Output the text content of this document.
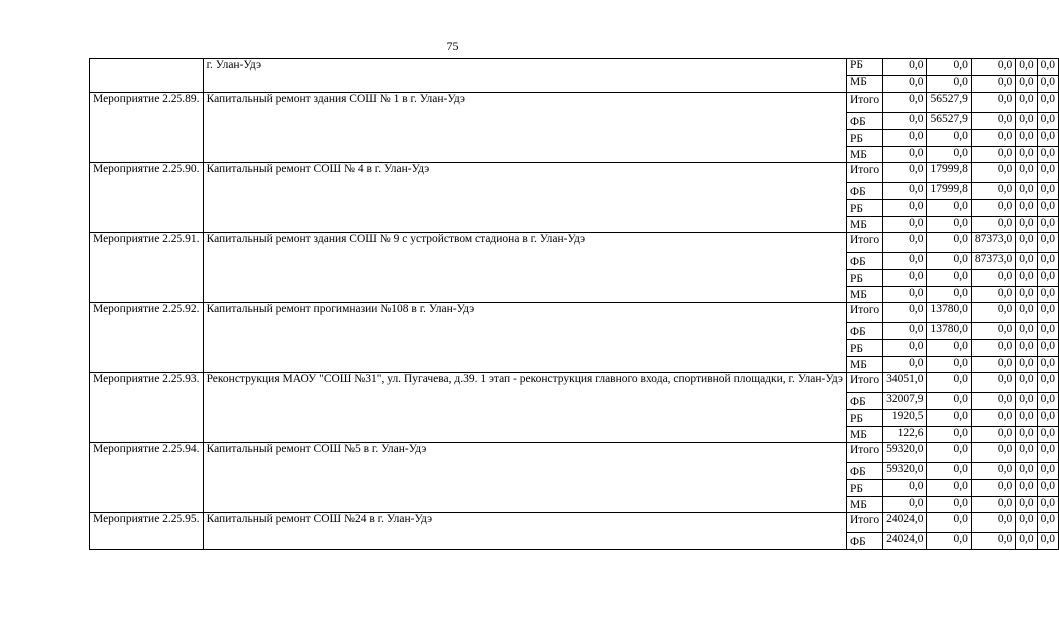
75
	г. Улан-Удэ	РБ	0,0	0,0	0,0	0,0	0,0
		МБ	0,0	0,0	0,0	0,0	0,0
Мероприятие 2.25.89.	Капитальный ремонт здания СОШ № 1 в г. Улан-Удэ	Итого	0,0	56527,9	0,0	0,0	0,0
		ФБ	0,0	56527,9	0,0	0,0	0,0
		РБ	0,0	0,0	0,0	0,0	0,0
		МБ	0,0	0,0	0,0	0,0	0,0
Мероприятие 2.25.90.	Капитальный ремонт СОШ № 4 в г. Улан-Удэ	Итого	0,0	17999,8	0,0	0,0	0,0
		ФБ	0,0	17999,8	0,0	0,0	0,0
		РБ	0,0	0,0	0,0	0,0	0,0
		МБ	0,0	0,0	0,0	0,0	0,0
Мероприятие 2.25.91.	Капитальный ремонт здания СОШ № 9 с устройством стадиона в г. Улан-Удэ	Итого	0,0	0,0	87373,0	0,0	0,0
		ФБ	0,0	0,0	87373,0	0,0	0,0
		РБ	0,0	0,0	0,0	0,0	0,0
		МБ	0,0	0,0	0,0	0,0	0,0
Мероприятие 2.25.92.	Капитальный ремонт прогимназии №108 в г. Улан-Удэ	Итого	0,0	13780,0	0,0	0,0	0,0
		ФБ	0,0	13780,0	0,0	0,0	0,0
		РБ	0,0	0,0	0,0	0,0	0,0
		МБ	0,0	0,0	0,0	0,0	0,0
Мероприятие 2.25.93.	Реконструкция МАОУ "СОШ №31", ул. Пугачева, д.39. 1 этап - реконструкция главного входа, спортивной площадки, г. Улан-Удэ	Итого	34051,0	0,0	0,0	0,0	0,0
		ФБ	32007,9	0,0	0,0	0,0	0,0
		РБ	1920,5	0,0	0,0	0,0	0,0
		МБ	122,6	0,0	0,0	0,0	0,0
Мероприятие 2.25.94.	Капитальный ремонт СОШ №5 в г. Улан-Удэ	Итого	59320,0	0,0	0,0	0,0	0,0
		ФБ	59320,0	0,0	0,0	0,0	0,0
		РБ	0,0	0,0	0,0	0,0	0,0
		МБ	0,0	0,0	0,0	0,0	0,0
Мероприятие 2.25.95.	Капитальный ремонт СОШ №24 в г. Улан-Удэ	Итого	24024,0	0,0	0,0	0,0	0,0
		ФБ	24024,0	0,0	0,0	0,0	0,0
